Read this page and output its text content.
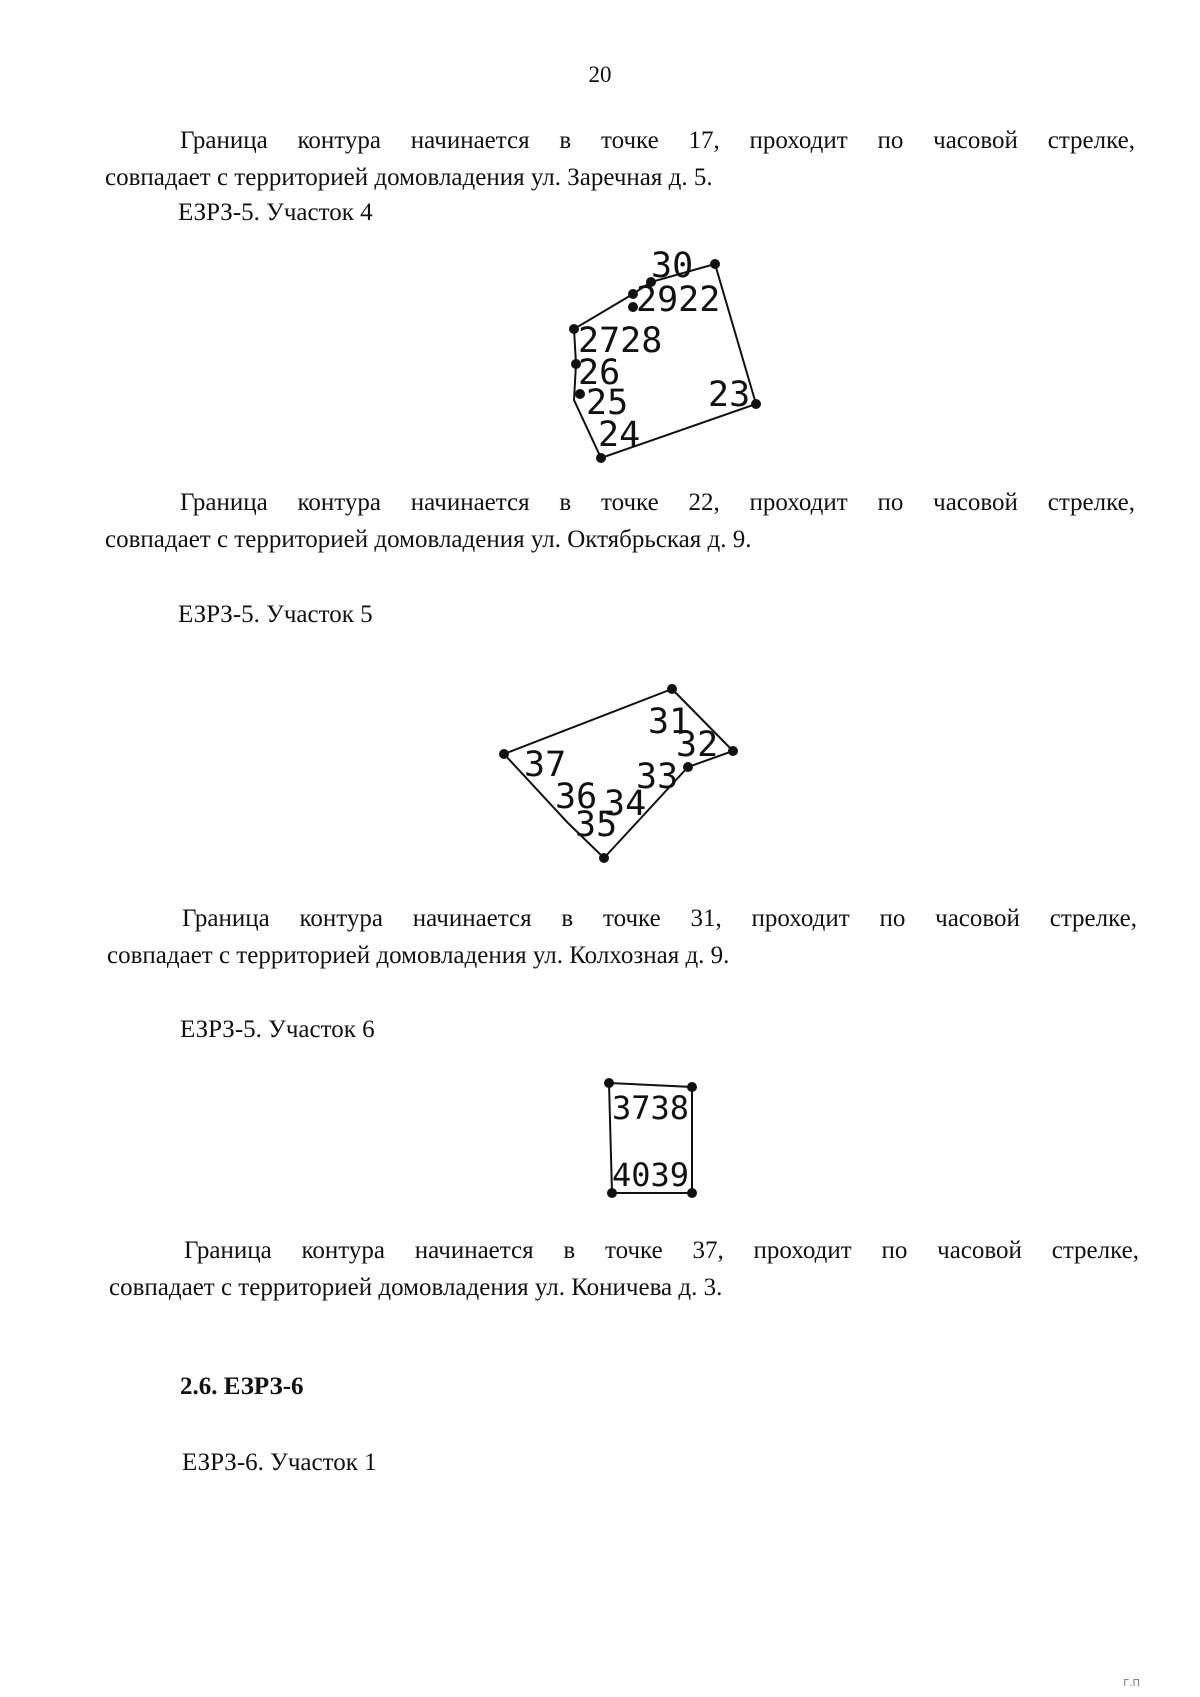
20
Граница контура начинается в точке 17, проходит по часовой стрелке,
совпадает с территорией домовладения ул. Заречная д. 5.
ЕЗРЗ-5. Участок 4
30
2922
2728
26
25
24
23
Граница контура начинается в точке 22, проходит по часовой стрелке,
совпадает с территорией домовладения ул. Октябрьская д. 9.
ЕЗРЗ-5. Участок 5
31
32
33
37
36 34
35
Граница контура начинается в точке 31, проходит по часовой стрелке,
совпадает с территорией домовладения ул. Колхозная д. 9.
ЕЗРЗ-5. Участок 6
3738
4039
Граница контура начинается в точке 37, проходит по часовой стрелке,
совпадает с территорией домовладения ул. Коничева д. 3.
2.6. ЕЗРЗ-6
ЕЗРЗ-6. Участок 1
Г.П
